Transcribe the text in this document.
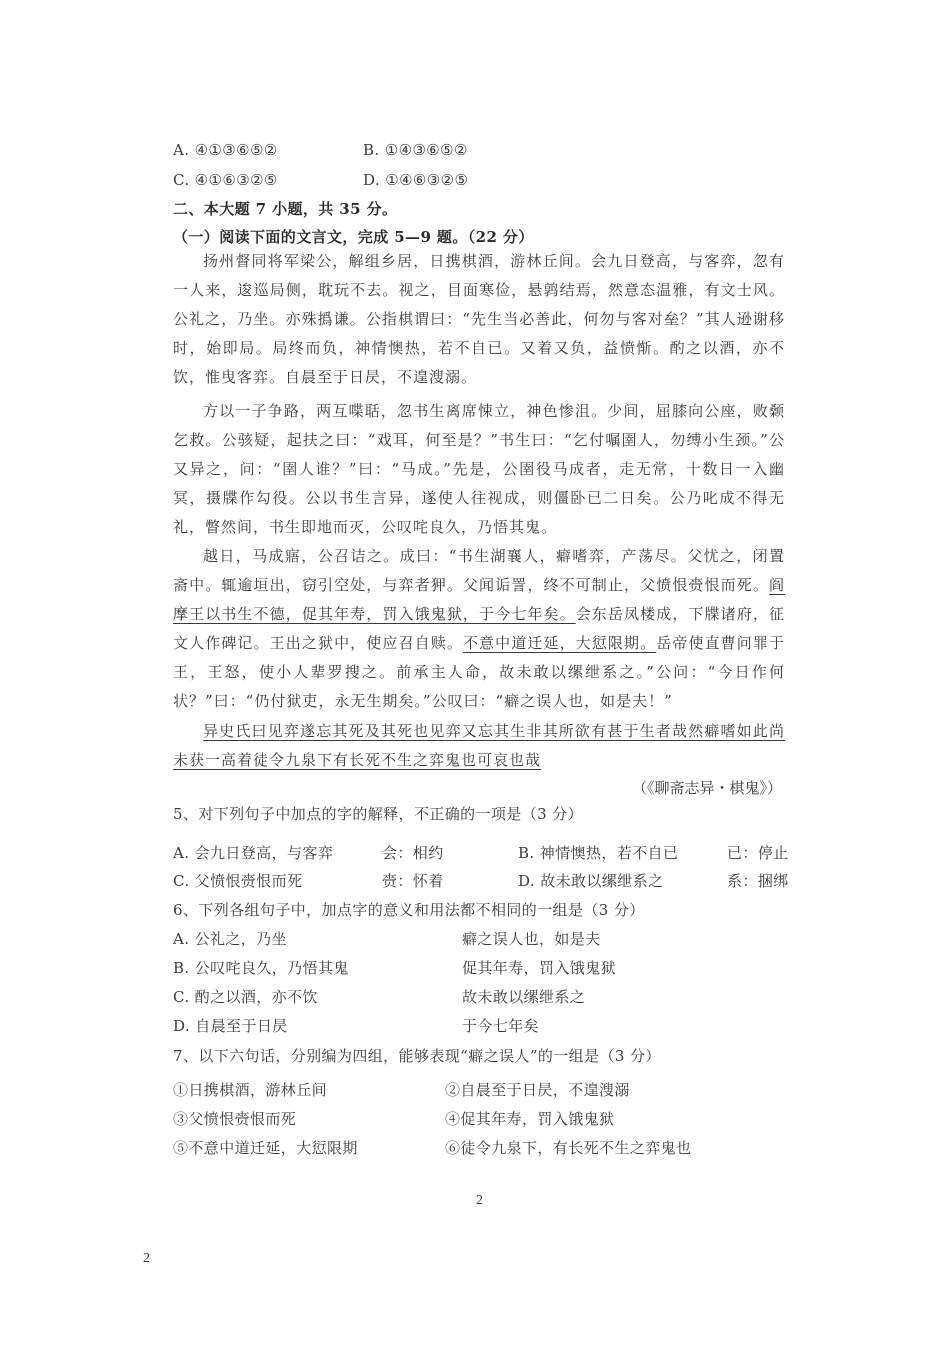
A. ④①③⑥⑤②	B. ①④③⑥⑤②
C. ④①⑥③②⑤	D. ①④⑥③②⑤
二、本大题 7 小题，共 35 分。
（一）阅读下面的文言文，完成 5—9 题。（22 分）
扬州督同将军梁公，解组乡居，日携棋酒，游林丘间。会九日登高，与客弈，忽有一人来，逡巡局侧，耽玩不去。视之，目面寒俭，悬鹑结焉，然意态温雅，有文士风。公礼之，乃坐。亦殊撝谦。公指棋谓曰：“先生当必善此，何勿与客对垒？”其人逊谢移时，始即局。局终而负，神情懊热，若不自已。又着又负，益愤惭。酌之以酒，亦不饮，惟曳客弈。自晨至于日昃，不遑溲溺。
方以一子争路，两互喋聒，忽书生离席悚立，神色惨沮。少间，屈膝向公座，败颡乞救。公骇疑，起扶之曰：“戏耳，何至是？”书生曰：“乞付嘱圉人，勿缚小生颈。”公又异之，问：“圉人谁？”曰：“马成。”先是，公圉役马成者，走无常，十数日一入幽冥，摄牒作勾役。公以书生言异，遂使人往视成，则僵卧已二日矣。公乃叱成不得无礼，瞥然间，书生即地而灭，公叹咤良久，乃悟其鬼。
越日，马成寤，公召诘之。成曰：“书生湖襄人，癖嗜弈，产荡尽。父忧之，闭置斋中。辄逾垣出，窃引空处，与弈者狎。父闻诟詈，终不可制止，父愤恨赍恨而死。阎摩王以书生不德，促其年寿，罚入饿鬼狱，于今七年矣。会东岳凤楼成，下牒诸府，征文人作碑记。王出之狱中，使应召自赎。不意中道迁延，大愆限期。岳帝使直曹问罪于王，王怒，使小人辈罗搜之。前承主人命，故未敢以缧绁系之。”公问：“今日作何状？”曰：“仍付狱吏，永无生期矣。”公叹曰：“癖之误人也，如是夫！”
异史氏曰见弈遂忘其死及其死也见弈又忘其生非其所欲有甚于生者哉然癖嗜如此尚未获一高着徒令九泉下有长死不生之弈鬼也可哀也哉
（《聊斋志异・棋鬼》）
5、对下列句子中加点的字的解释，不正确的一项是（3 分）
A. 会九日登高，与客弈	会：相约	B. 神情懊热，若不自已	已：停止
C. 父愤恨赍恨而死	赍：怀着	D. 故未敢以缧绁系之	系：捆绑
6、下列各组句子中，加点字的意义和用法都不相同的一组是（3 分）
A. 公礼之，乃坐	癖之误人也，如是夫
B. 公叹咤良久，乃悟其鬼	促其年寿，罚入饿鬼狱
C. 酌之以酒，亦不饮	故未敢以缧绁系之
D. 自晨至于日昃	于今七年矣
7、以下六句话，分别编为四组，能够表现“癖之误人”的一组是（3 分）
①日携棋酒，游林丘间	②自晨至于日昃，不遑溲溺
③父愤恨赍恨而死	④促其年寿，罚入饿鬼狱
⑤不意中道迁延，大愆限期	⑥徒令九泉下，有长死不生之弈鬼也
2
2
